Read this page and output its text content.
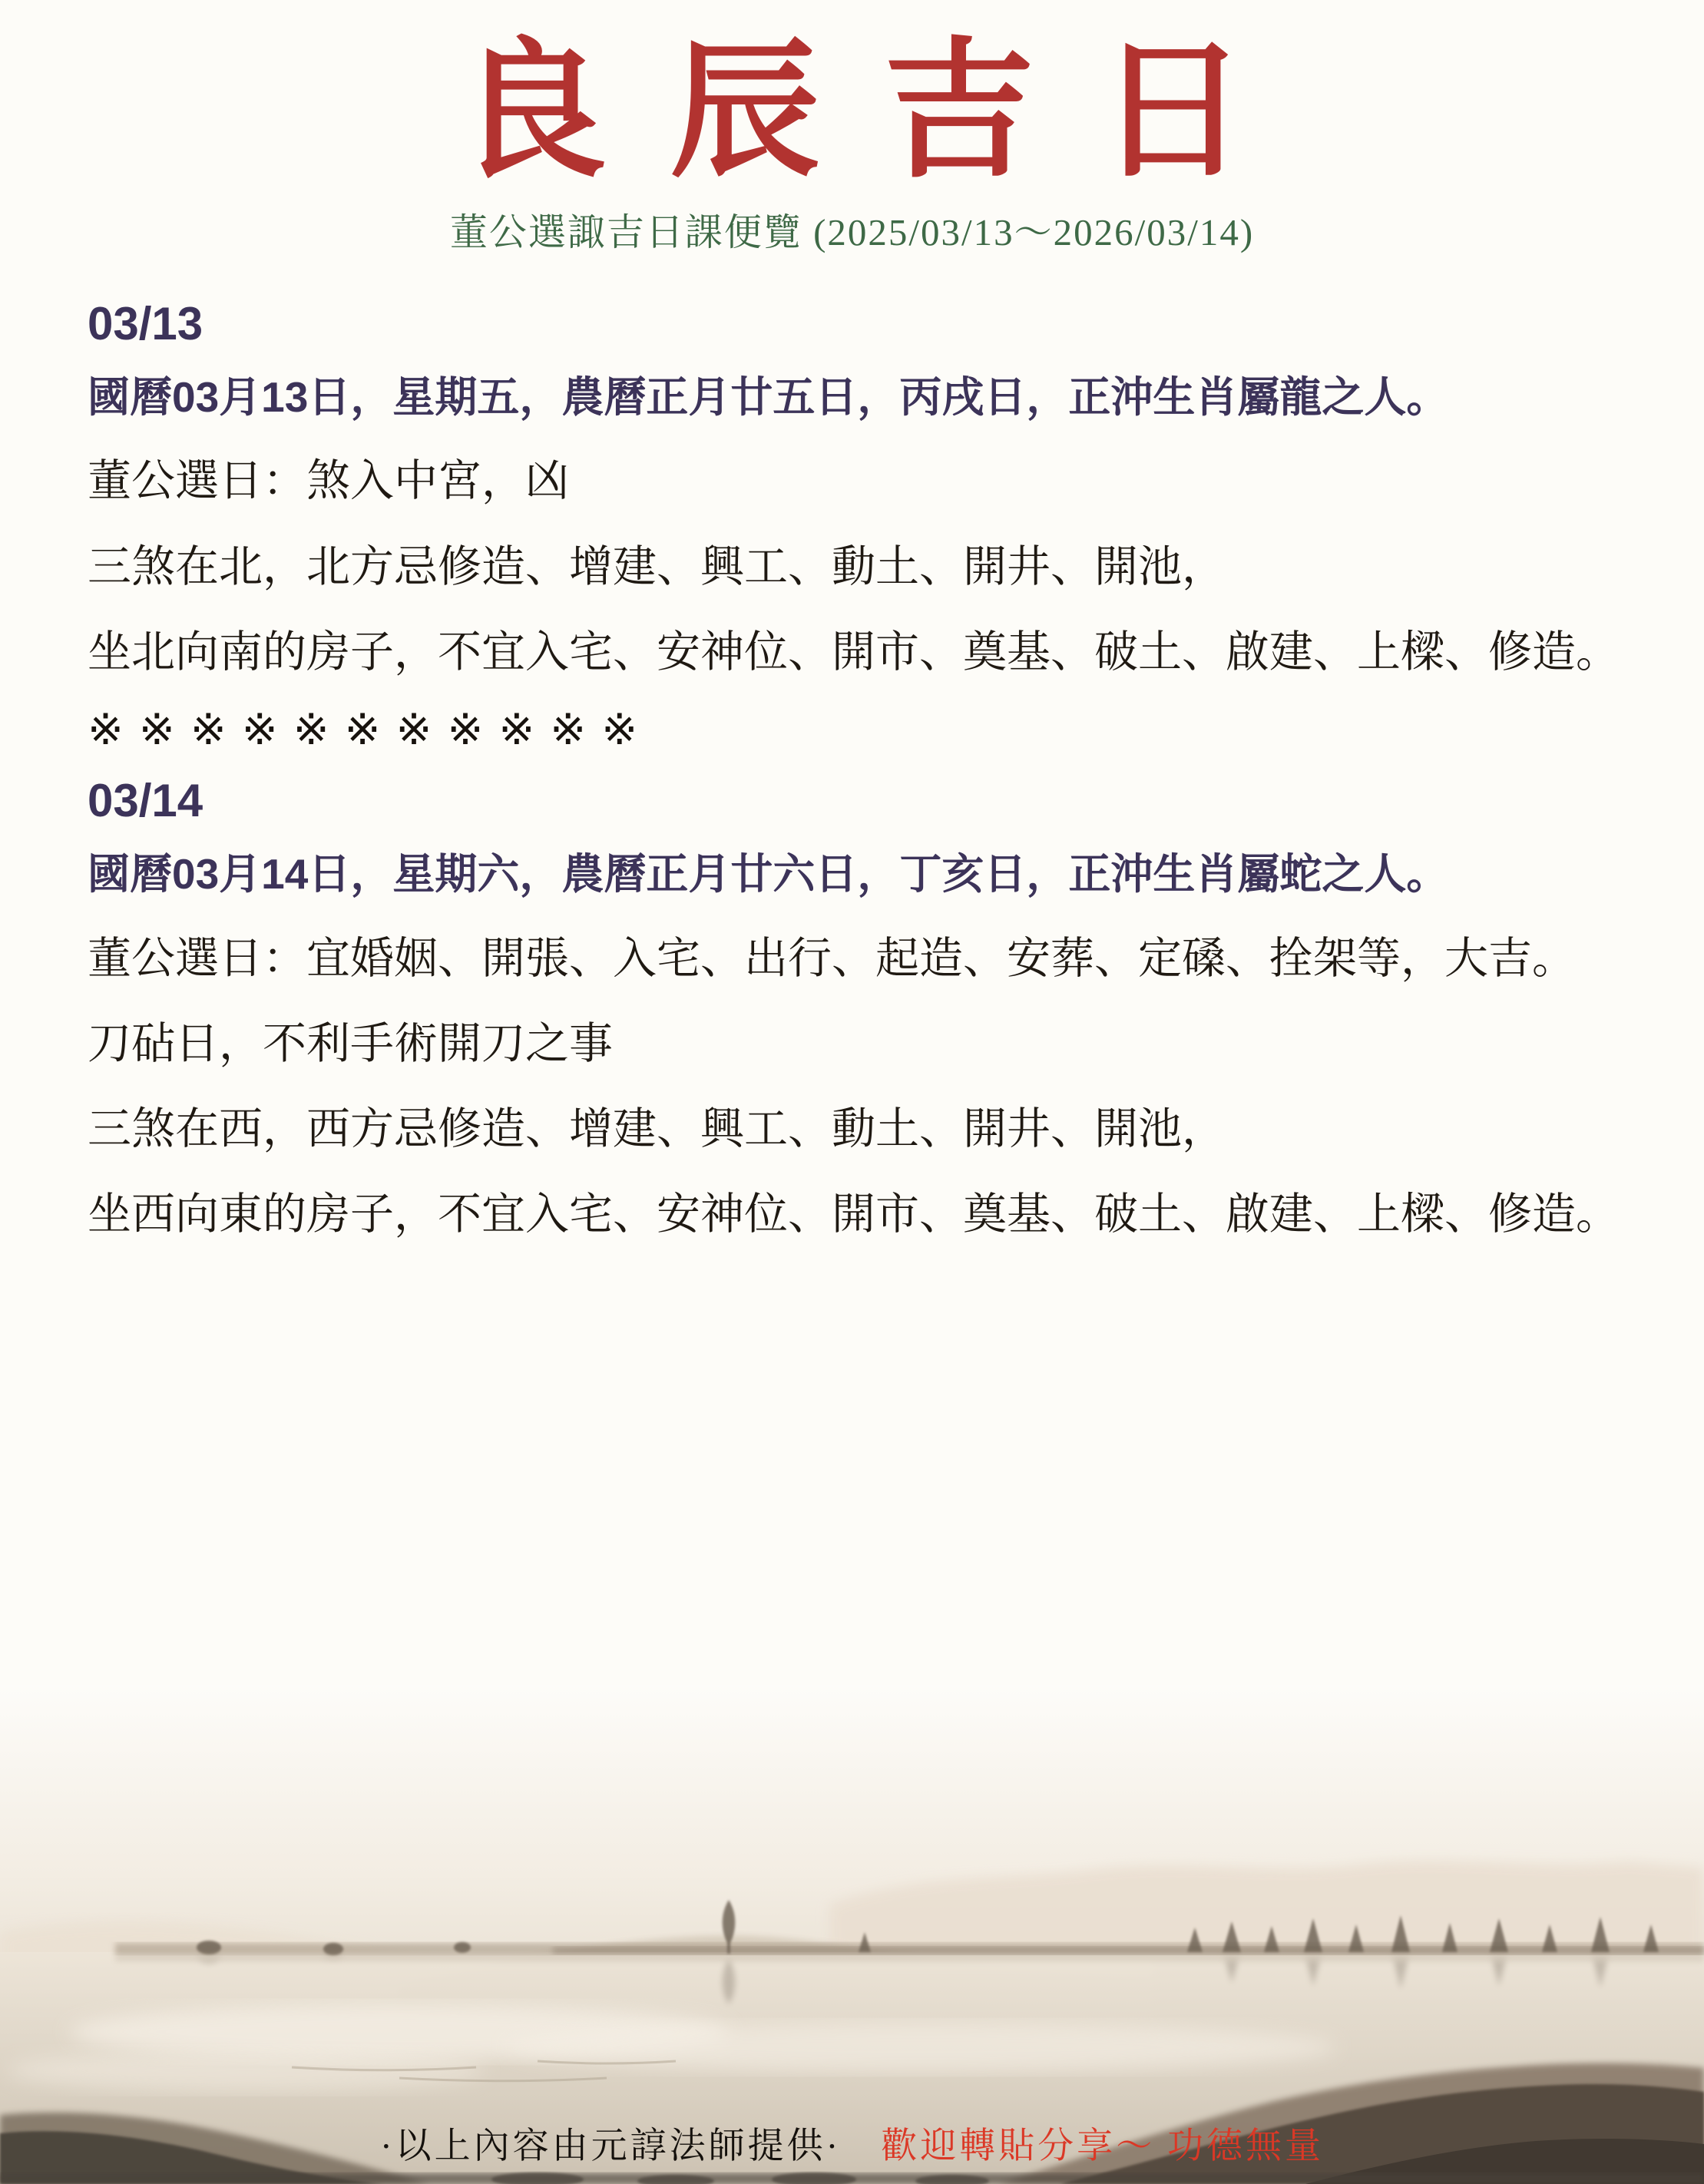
良辰吉日
董公選諏吉日課便覽 (2025/03/13～2026/03/14)
03/13
國曆03月13日，星期五，農曆正月廿五日，丙戌日，正沖生肖屬龍之人。
董公選日：煞入中宮，凶
三煞在北，北方忌修造、增建、興工、動土、開井、開池，
坐北向南的房子，不宜入宅、安神位、開市、奠基、破土、啟建、上樑、修造。
※※※※※※※※※※※
03/14
國曆03月14日，星期六，農曆正月廿六日，丁亥日，正沖生肖屬蛇之人。
董公選日：宜婚姻、開張、入宅、出行、起造、安葬、定磉、拴架等，大吉。
刀砧日，不利手術開刀之事
三煞在西，西方忌修造、增建、興工、動土、開井、開池，
坐西向東的房子，不宜入宅、安神位、開市、奠基、破土、啟建、上樑、修造。
·以上內容由元諄法師提供· 歡迎轉貼分享～ 功德無量
